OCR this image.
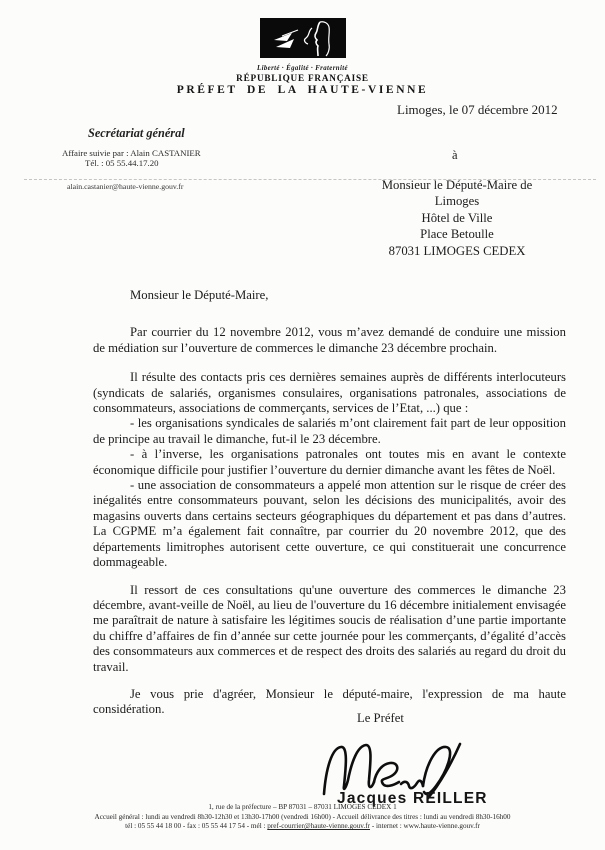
Liberté · Égalité · Fraternité
RÉPUBLIQUE FRANÇAISE
PRÉFET DE LA HAUTE-VIENNE
Limoges, le 07 décembre 2012
Secrétariat général
Affaire suivie par : Alain CASTANIER
Tél. : 05 55.44.17.20
alain.castanier@haute-vienne.gouv.fr
à
Monsieur le Député-Maire de
Limoges
Hôtel de Ville
Place Betoulle
87031 LIMOGES CEDEX
Monsieur le Député-Maire,
Par courrier du 12 novembre 2012, vous m’avez demandé de conduire une mission de médiation sur l’ouverture de commerces le dimanche 23 décembre prochain.
Il résulte des contacts pris ces dernières semaines auprès de différents interlocuteurs (syndicats de salariés, organismes consulaires, organisations patronales, associations de consommateurs, associations de commerçants, services de l’Etat, ...) que :
- les organisations syndicales de salariés m’ont clairement fait part de leur opposition de principe au travail le dimanche, fut-il le 23 décembre.
- à l’inverse, les organisations patronales ont toutes mis en avant le contexte économique difficile pour justifier l’ouverture du dernier dimanche avant les fêtes de Noël.
- une association de consommateurs a appelé mon attention sur le risque de créer des inégalités entre consommateurs pouvant, selon les décisions des municipalités, avoir des magasins ouverts dans certains secteurs géographiques du département et pas dans d’autres. La CGPME m’a également fait connaître, par courrier du 20 novembre 2012, que des départements limitrophes autorisent cette ouverture, ce qui constituerait une concurrence dommageable.
Il ressort de ces consultations qu'une ouverture des commerces le dimanche 23 décembre, avant-veille de Noël, au lieu de l'ouverture du 16 décembre initialement envisagée me paraîtrait de nature à satisfaire les légitimes soucis de réalisation d’une partie importante du chiffre d’affaires de fin d’année sur cette journée pour les commerçants, d’égalité d’accès des consommateurs aux commerces et de respect des droits des salariés au regard du droit du travail.
Je vous prie d'agréer, Monsieur le député-maire, l'expression de ma haute considération.
Le Préfet
Jacques REILLER
1, rue de la préfecture – BP 87031 – 87031 LIMOGES CEDEX 1
Accueil général : lundi au vendredi 8h30-12h30 et 13h30-17h00 (vendredi 16h00) - Accueil délivrance des titres : lundi au vendredi 8h30-16h00
tél : 05 55 44 18 00 - fax : 05 55 44 17 54 - mél : pref-courrier@haute-vienne.gouv.fr - internet : www.haute-vienne.gouv.fr
